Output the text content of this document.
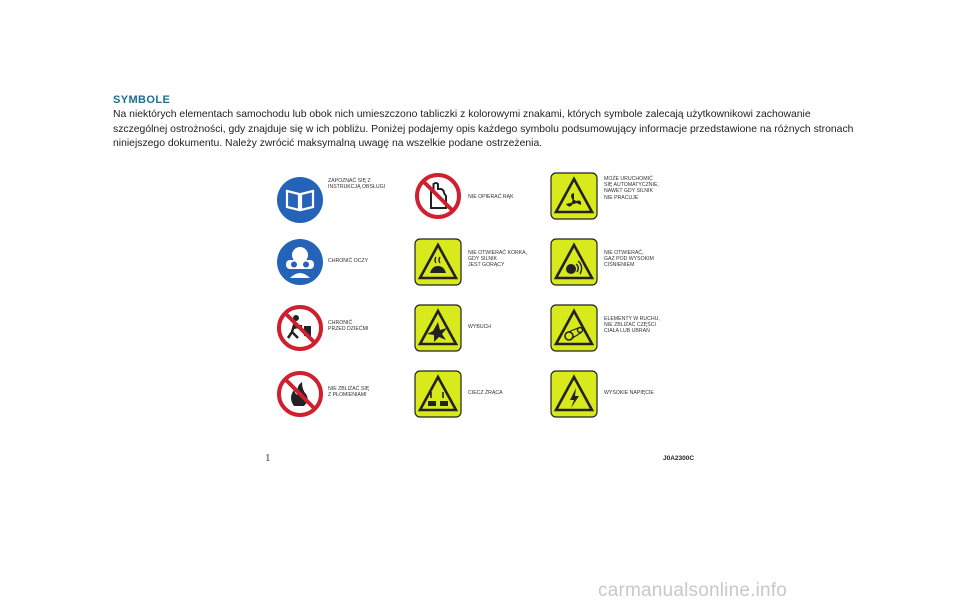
SYMBOLE
Na niektórych elementach samochodu lub obok nich umieszczono tabliczki z kolorowymi znakami, których symbole zalecają użytkownikowi zachowanie szczególnej ostrożności, gdy znajduje się w ich pobliżu. Poniżej podajemy opis każdego symbolu podsumowujący informacje przedstawione na różnych stronach niniejszego dokumentu. Należy zwrócić maksymalną uwagę na wszelkie podane ostrzeżenia.
ZAPOZNAĆ SIĘ Z
INSTRUKCJĄ OBSŁUGI
CHRONIĆ OCZY
CHRONIĆ
PRZED DZIEĆMI
NIE ZBLIŻAĆ SIĘ
Z PŁOMIENIAMI
NIE OPIERAĆ RĄK
NIE OTWIERAĆ KORKA,
GDY SILNIK
JEST GORĄCY
WYBUCH
CIECZ ŻRĄCA
MOŻE URUCHOMIĆ
SIĘ AUTOMATYCZNIE,
NAWET GDY SILNIK
NIE PRACUJE
NIE OTWIERAĆ,
GAZ POD WYSOKIM
CIŚNIENIEM
ELEMENTY W RUCHU,
NIE ZBLIŻAĆ CZĘŚCI
CIAŁA LUB UBRAŃ
WYSOKIE NAPIĘCIE
1	J0A2300C
carmanualsonline.info
